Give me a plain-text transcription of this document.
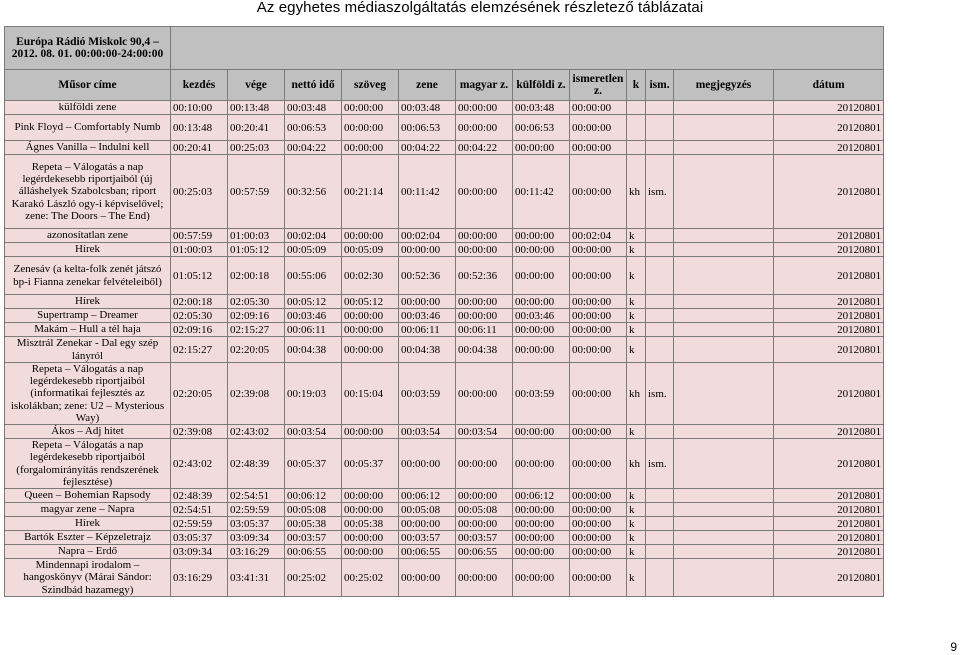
Az egyhetes médiaszolgáltatás elemzésének részletező táblázatai
Európa Rádió Miskolc 90,4 – 2012. 08. 01. 00:00:00-24:00:00												
Műsor címe	kezdés	vége	nettó idő	szöveg	zene	magyar z.	külföldi z.	ismeretlen z.	k	ism.	megjegyzés	dátum
külföldi zene	00:10:00	00:13:48	00:03:48	00:00:00	00:03:48	00:00:00	00:03:48	00:00:00				20120801
Pink Floyd – Comfortably Numb	00:13:48	00:20:41	00:06:53	00:00:00	00:06:53	00:00:00	00:06:53	00:00:00				20120801
Ágnes Vanilla – Indulni kell	00:20:41	00:25:03	00:04:22	00:00:00	00:04:22	00:04:22	00:00:00	00:00:00				20120801
Repeta – Válogatás a nap legérdekesebb riportjaiból (új álláshelyek Szabolcsban; riport Karakó László ogy-i képviselővel; zene: The Doors – The End)	00:25:03	00:57:59	00:32:56	00:21:14	00:11:42	00:00:00	00:11:42	00:00:00	kh	ism.		20120801
azonosítatlan zene	00:57:59	01:00:03	00:02:04	00:00:00	00:02:04	00:00:00	00:00:00	00:02:04	k			20120801
Hírek	01:00:03	01:05:12	00:05:09	00:05:09	00:00:00	00:00:00	00:00:00	00:00:00	k			20120801
Zenesáv (a kelta-folk zenét játszó bp-i Fianna zenekar felvételeiből)	01:05:12	02:00:18	00:55:06	00:02:30	00:52:36	00:52:36	00:00:00	00:00:00	k			20120801
Hírek	02:00:18	02:05:30	00:05:12	00:05:12	00:00:00	00:00:00	00:00:00	00:00:00	k			20120801
Supertramp – Dreamer	02:05:30	02:09:16	00:03:46	00:00:00	00:03:46	00:00:00	00:03:46	00:00:00	k			20120801
Makám – Hull a tél haja	02:09:16	02:15:27	00:06:11	00:00:00	00:06:11	00:06:11	00:00:00	00:00:00	k			20120801
Misztrál Zenekar - Dal egy szép lányról	02:15:27	02:20:05	00:04:38	00:00:00	00:04:38	00:04:38	00:00:00	00:00:00	k			20120801
Repeta – Válogatás a nap legérdekesebb riportjaiból (informatikai fejlesztés az iskolákban; zene: U2 – Mysterious Way)	02:20:05	02:39:08	00:19:03	00:15:04	00:03:59	00:00:00	00:03:59	00:00:00	kh	ism.		20120801
Ákos – Adj hitet	02:39:08	02:43:02	00:03:54	00:00:00	00:03:54	00:03:54	00:00:00	00:00:00	k			20120801
Repeta – Válogatás a nap legérdekesebb riportjaiból (forgalomirányítás rendszerének fejlesztése)	02:43:02	02:48:39	00:05:37	00:05:37	00:00:00	00:00:00	00:00:00	00:00:00	kh	ism.		20120801
Queen – Bohemian Rapsody	02:48:39	02:54:51	00:06:12	00:00:00	00:06:12	00:00:00	00:06:12	00:00:00	k			20120801
magyar zene – Napra	02:54:51	02:59:59	00:05:08	00:00:00	00:05:08	00:05:08	00:00:00	00:00:00	k			20120801
Hírek	02:59:59	03:05:37	00:05:38	00:05:38	00:00:00	00:00:00	00:00:00	00:00:00	k			20120801
Bartók Eszter – Képzeletrajz	03:05:37	03:09:34	00:03:57	00:00:00	00:03:57	00:03:57	00:00:00	00:00:00	k			20120801
Napra – Erdő	03:09:34	03:16:29	00:06:55	00:00:00	00:06:55	00:06:55	00:00:00	00:00:00	k			20120801
Mindennapi irodalom – hangoskönyv (Márai Sándor: Szindbád hazamegy)	03:16:29	03:41:31	00:25:02	00:25:02	00:00:00	00:00:00	00:00:00	00:00:00	k			20120801
9
